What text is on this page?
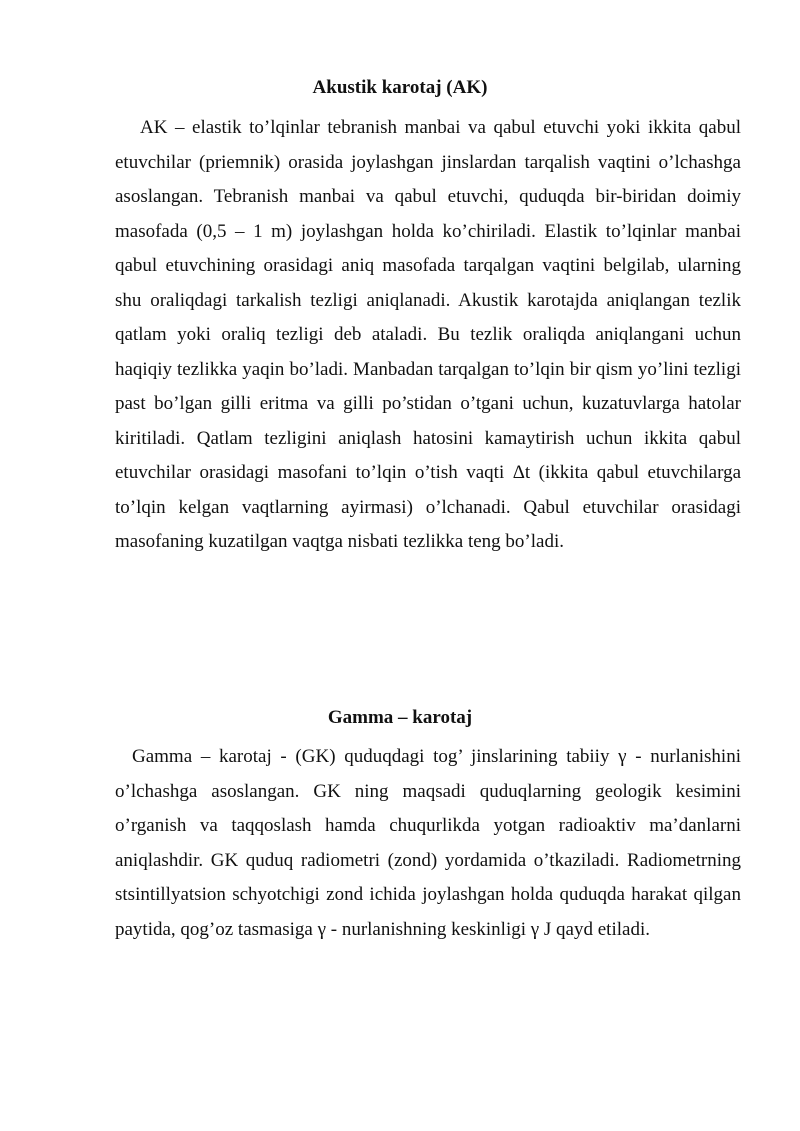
Akustik karotaj (AK)

AK – elastik to’lqinlar tebranish manbai va qabul etuvchi yoki ikkita qabul etuvchilar (priemnik) orasida joylashgan jinslardan tarqalish vaqtini o’lchashga asoslangan. Tebranish manbai va qabul etuvchi, quduqda bir-biridan doimiy masofada (0,5 – 1 m) joylashgan holda ko’chiriladi. Elastik to’lqinlar manbai qabul etuvchining orasidagi aniq masofada tarqalgan vaqtini belgilab, ularning shu oraliqdagi tarkalish tezligi aniqlanadi. Akustik karotajda aniqlangan tezlik qatlam yoki oraliq tezligi deb ataladi. Bu tezlik oraliqda aniqlangani uchun haqiqiy tezlikka yaqin bo’ladi. Manbadan tarqalgan to’lqin bir qism yo’lini tezligi past bo’lgan gilli eritma va gilli po’stidan o’tgani uchun, kuzatuvlarga hatolar kiritiladi. Qatlam tezligini aniqlash hatosini kamaytirish uchun ikkita qabul etuvchilar orasidagi masofani to’lqin o’tish vaqti Δt (ikkita qabul etuvchilarga to’lqin kelgan vaqtlarning ayirmasi) o’lchanadi. Qabul etuvchilar orasidagi masofaning kuzatilgan vaqtga nisbati tezlikka teng bo’ladi.

Gamma – karotaj

Gamma – karotaj - (GK) quduqdagi tog’ jinslarining tabiiy γ - nurlanishini o’lchashga asoslangan. GK ning maqsadi quduqlarning geologik kesimini o’rganish va taqqoslash hamda chuqurlikda yotgan radioaktiv ma’danlarni aniqlashdir. GK quduq radiometri (zond) yordamida o’tkaziladi. Radiometrning stsintillyatsion schyotchigi zond ichida joylashgan holda quduqda harakat qilgan paytida, qog’oz tasmasiga γ - nurlanishning keskinligi γ J qayd etiladi.
